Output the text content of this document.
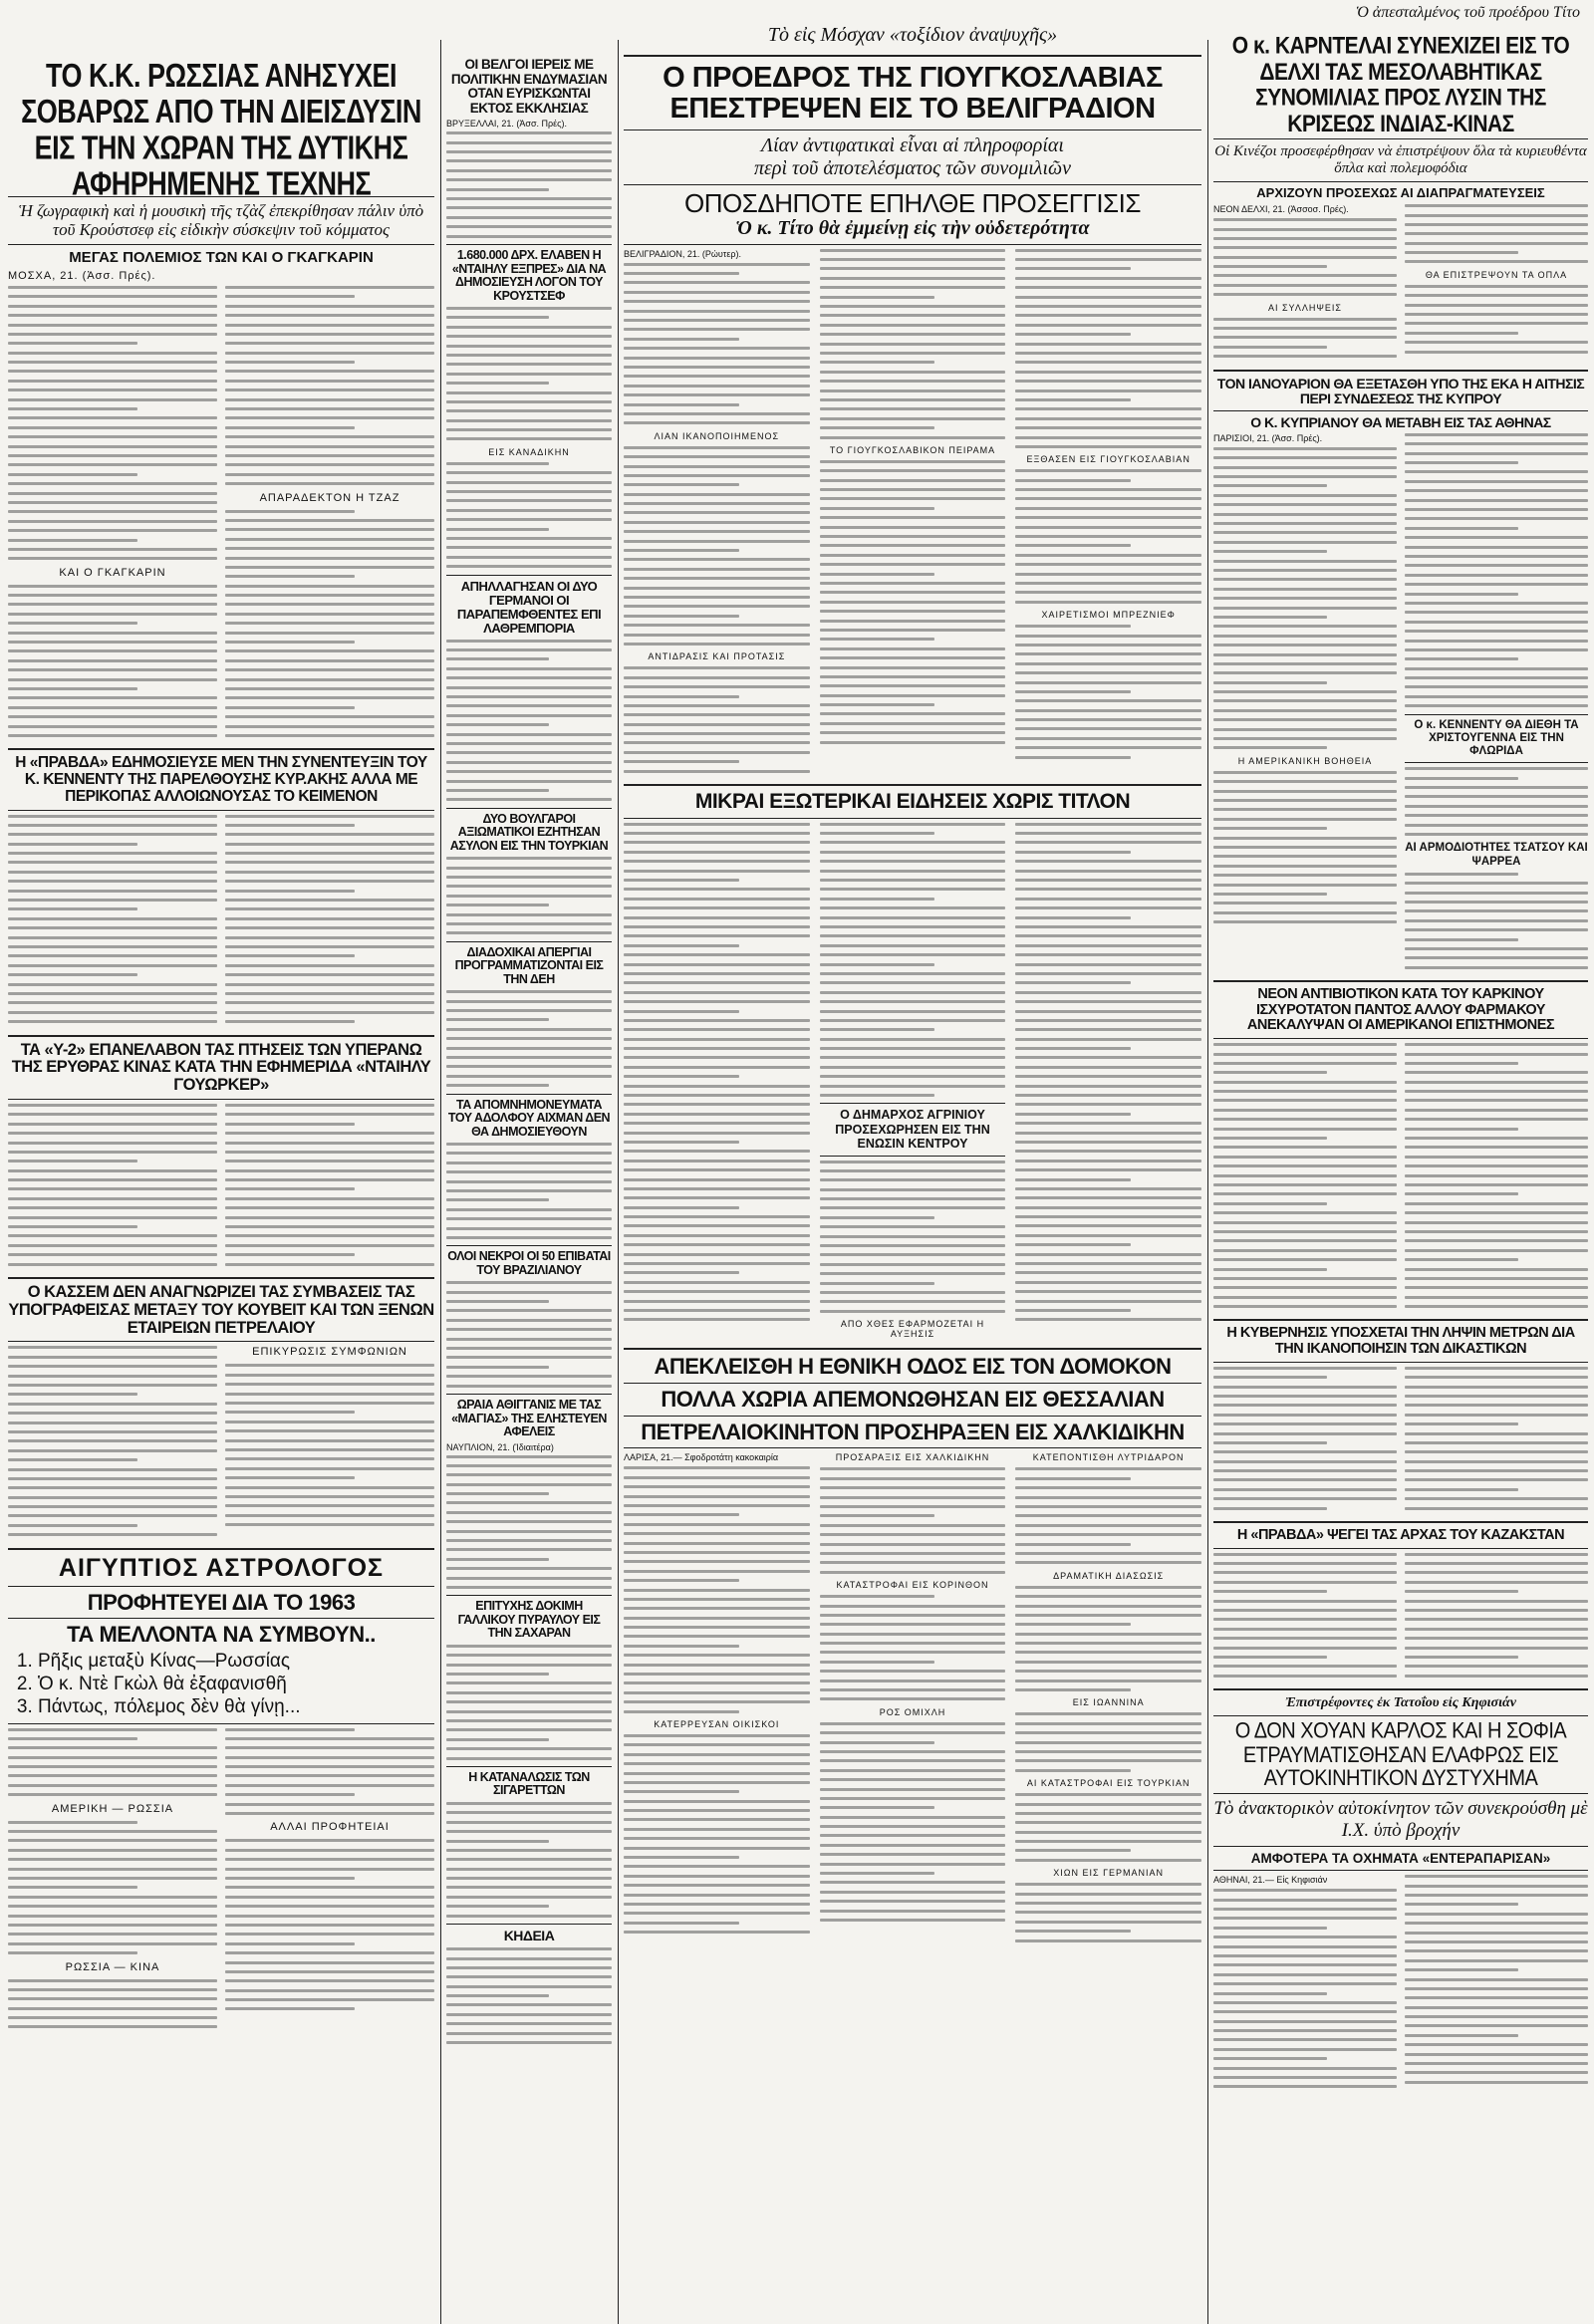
Ὁ ἀπεσταλμένος τοῦ προέδρου Τίτο
ΤΟ Κ.Κ. ΡΩΣΣΙΑΣ ΑΝΗΣΥΧΕΙ ΣΟΒΑΡΩΣ ΑΠΟ ΤΗΝ ΔΙΕΙΣΔΥΣΙΝ ΕΙΣ ΤΗΝ ΧΩΡΑΝ ΤΗΣ ΔΥΤΙΚΗΣ ΑΦΗΡΗΜΕΝΗΣ ΤΕΧΝΗΣ
Ἡ ζωγραφικὴ καὶ ἡ μουσικὴ τῆς τζὰζ ἐπεκρίθησαν πάλιν ὑπὸ τοῦ Κρούστσεφ εἰς εἰδικὴν σύσκεψιν τοῦ κόμματος
ΜΕΓΑΣ ΠΟΛΕΜΙΟΣ ΤΩΝ ΚΑΙ Ο ΓΚΑΓΚΑΡΙΝ
ΜΟΣΧΑ, 21. (Ἀσσ. Πρές).
ΚΑΙ Ο ΓΚΑΓΚΑΡΙΝ
ΑΠΑΡΑΔΕΚΤΟΝ Η ΤΖΑΖ
Η «ΠΡΑΒΔΑ» ΕΔΗΜΟΣΙΕΥΣΕ ΜΕΝ ΤΗΝ ΣΥΝΕΝΤΕΥΞΙΝ ΤΟΥ Κ. ΚΕΝΝΕΝΤΥ ΤΗΣ ΠΑΡΕΛΘΟΥΣΗΣ ΚΥΡ.ΑΚΗΣ ΑΛΛΑ ΜΕ ΠΕΡΙΚΟΠΑΣ ΑΛΛΟΙΩΝΟΥΣΑΣ ΤΟ ΚΕΙΜΕΝΟΝ
ΤΑ «Υ-2» ΕΠΑΝΕΛΑΒΟΝ ΤΑΣ ΠΤΗΣΕΙΣ ΤΩΝ ΥΠΕΡΑΝΩ ΤΗΣ ΕΡΥΘΡΑΣ ΚΙΝΑΣ ΚΑΤΑ ΤΗΝ ΕΦΗΜΕΡΙΔΑ «ΝΤΑΙΗΛΥ ΓΟΥΩΡΚΕΡ»
Ο ΚΑΣΣΕΜ ΔΕΝ ΑΝΑΓΝΩΡΙΖΕΙ ΤΑΣ ΣΥΜΒΑΣΕΙΣ ΤΑΣ ΥΠΟΓΡΑΦΕΙΣΑΣ ΜΕΤΑΞΥ ΤΟΥ ΚΟΥΒΕΙΤ ΚΑΙ ΤΩΝ ΞΕΝΩΝ ΕΤΑΙΡΕΙΩΝ ΠΕΤΡΕΛΑΙΟΥ
ΕΠΙΚΥΡΩΣΙΣ ΣΥΜΦΩΝΙΩΝ
ΑΙΓΥΠΤΙΟΣ ΑΣΤΡΟΛΟΓΟΣ
ΠΡΟΦΗΤΕΥΕΙ ΔΙΑ ΤΟ 1963
ΤΑ ΜΕΛΛΟΝΤΑ ΝΑ ΣΥΜΒΟΥΝ..
1. Ρῆξις μεταξὺ Κίνας—Ρωσσίας
2. Ὁ κ. Ντὲ Γκὼλ θὰ ἐξαφανισθῆ
3. Πάντως, πόλεμος δὲν θὰ γίνῃ...
ΑΜΕΡΙΚΗ — ΡΩΣΣΙΑ
ΡΩΣΣΙΑ — ΚΙΝΑ
ΑΛΛΑΙ ΠΡΟΦΗΤΕΙΑΙ
ΟΙ ΒΕΛΓΟΙ ΙΕΡΕΙΣ ΜΕ ΠΟΛΙΤΙΚΗΝ ΕΝΔΥΜΑΣΙΑΝ ΟΤΑΝ ΕΥΡΙΣΚΩΝΤΑΙ ΕΚΤΟΣ ΕΚΚΛΗΣΙΑΣ
ΒΡΥΞΕΛΛΑΙ, 21. (Ἀσσ. Πρές).
1.680.000 ΔΡΧ. ΕΛΑΒΕΝ Η «ΝΤΑΙΗΛΥ ΕΞΠΡΕΣ» ΔΙΑ ΝΑ ΔΗΜΟΣΙΕΥΣΗ ΛΟΓΟΝ ΤΟΥ ΚΡΟΥΣΤΣΕΦ
ΕΙΣ ΚΑΝΑΔΙΚΗΝ
ΑΠΗΛΛΑΓΗΣΑΝ ΟΙ ΔΥΟ ΓΕΡΜΑΝΟΙ ΟΙ ΠΑΡΑΠΕΜΦΘΕΝΤΕΣ ΕΠΙ ΛΑΘΡΕΜΠΟΡΙΑ
ΔΥΟ ΒΟΥΛΓΑΡΟΙ ΑΞΙΩΜΑΤΙΚΟΙ ΕΖΗΤΗΣΑΝ ΑΣΥΛΟΝ ΕΙΣ ΤΗΝ ΤΟΥΡΚΙΑΝ
ΔΙΑΔΟΧΙΚΑΙ ΑΠΕΡΓΙΑΙ ΠΡΟΓΡΑΜΜΑΤΙΖΟΝΤΑΙ ΕΙΣ ΤΗΝ ΔΕΗ
ΤΑ ΑΠΟΜΝΗΜΟΝΕΥΜΑΤΑ ΤΟΥ ΑΔΟΛΦΟΥ ΑΙΧΜΑΝ ΔΕΝ ΘΑ ΔΗΜΟΣΙΕΥΘΟΥΝ
ΟΛΟΙ ΝΕΚΡΟΙ ΟΙ 50 ΕΠΙΒΑΤΑΙ ΤΟΥ ΒΡΑΖΙΛΙΑΝΟΥ
ΩΡΑΙΑ ΑΘΙΓΓΑΝΙΣ ΜΕ ΤΑΣ «ΜΑΓΙΑΣ» ΤΗΣ ΕΛΗΣΤΕΥΕΝ ΑΦΕΛΕΙΣ
ΝΑΥΠΛΙΟΝ, 21. (Ἰδιαιτέρα)
ΕΠΙΤΥΧΗΣ ΔΟΚΙΜΗ ΓΑΛΛΙΚΟΥ ΠΥΡΑΥΛΟΥ ΕΙΣ ΤΗΝ ΣΑΧΑΡΑΝ
Η ΚΑΤΑΝΑΛΩΣΙΣ ΤΩΝ ΣΙΓΑΡΕΤΤΩΝ
ΚΗΔΕΙΑ
Τὸ εἰς Μόσχαν «τοξίδιον ἀναψυχῆς»
Ο ΠΡΟΕΔΡΟΣ ΤΗΣ ΓΙΟΥΓΚΟΣΛΑΒΙΑΣ
ΕΠΕΣΤΡΕΨΕΝ ΕΙΣ ΤΟ ΒΕΛΙΓΡΑΔΙΟΝ
Λίαν ἀντιφατικαὶ εἶναι αἱ πληροφορίαι
περὶ τοῦ ἀποτελέσματος τῶν συνομιλιῶν
ΟΠΟΣΔΗΠΟΤΕ ΕΠΗΛΘΕ ΠΡΟΣΕΓΓΙΣΙΣ
Ὁ κ. Τίτο θὰ ἐμμείνῃ εἰς τὴν οὐδετερότητα
ΒΕΛΙΓΡΑΔΙΟΝ, 21. (Ρώυτερ).
ΛΙΑΝ ΙΚΑΝΟΠΟΙΗΜΕΝΟΣ
ΑΝΤΙΔΡΑΣΙΣ ΚΑΙ ΠΡΟΤΑΣΙΣ
ΤΟ ΓΙΟΥΓΚΟΣΛΑΒΙΚΟΝ ΠΕΙΡΑΜΑ
ΕΞΘΑΣΕΝ ΕΙΣ ΓΙΟΥΓΚΟΣΛΑΒΙΑΝ
ΧΑΙΡΕΤΙΣΜΟΙ ΜΠΡΕΖΝΙΕΦ
ΜΙΚΡΑΙ ΕΞΩΤΕΡΙΚΑΙ ΕΙΔΗΣΕΙΣ ΧΩΡΙΣ ΤΙΤΛΟΝ
Ο ΔΗΜΑΡΧΟΣ ΑΓΡΙΝΙΟΥ ΠΡΟΣΕΧΩΡΗΣΕΝ ΕΙΣ ΤΗΝ ΕΝΩΣΙΝ ΚΕΝΤΡΟΥ
ΑΠΟ ΧΘΕΣ ΕΦΑΡΜΟΖΕΤΑΙ Η ΑΥΞΗΣΙΣ
ΑΠΕΚΛΕΙΣΘΗ Η ΕΘΝΙΚΗ ΟΔΟΣ ΕΙΣ ΤΟΝ ΔΟΜΟΚΟΝ
ΠΟΛΛΑ ΧΩΡΙΑ ΑΠΕΜΟΝΩΘΗΣΑΝ ΕΙΣ ΘΕΣΣΑΛΙΑΝ
ΠΕΤΡΕΛΑΙΟΚΙΝΗΤΟΝ ΠΡΟΣΗΡΑΞΕΝ ΕΙΣ ΧΑΛΚΙΔΙΚΗΝ
ΛΑΡΙΣΑ, 21.— Σφοδροτάτη κακοκαιρία
ΚΑΤΕΡΡΕΥΣΑΝ ΟΙΚΙΣΚΟΙ
ΠΡΟΣΑΡΑΞΙΣ ΕΙΣ ΧΑΛΚΙΔΙΚΗΝ
ΚΑΤΑΣΤΡΟΦΑΙ ΕΙΣ ΚΟΡΙΝΘΟΝ
ΡΟΣ ΟΜΙΧΛΗ
ΚΑΤΕΠΟΝΤΙΣΘΗ ΛΥΤΡΙΔΑΡΟΝ
ΔΡΑΜΑΤΙΚΗ ΔΙΑΣΩΣΙΣ
ΕΙΣ ΙΩΑΝΝΙΝΑ
ΑΙ ΚΑΤΑΣΤΡΟΦΑΙ ΕΙΣ ΤΟΥΡΚΙΑΝ
ΧΙΩΝ ΕΙΣ ΓΕΡΜΑΝΙΑΝ
Ο κ. ΚΑΡΝΤΕΛΑΙ ΣΥΝΕΧΙΖΕΙ ΕΙΣ ΤΟ ΔΕΛΧΙ ΤΑΣ ΜΕΣΟΛΑΒΗΤΙΚΑΣ ΣΥΝΟΜΙΛΙΑΣ ΠΡΟΣ ΛΥΣΙΝ ΤΗΣ ΚΡΙΣΕΩΣ ΙΝΔΙΑΣ-ΚΙΝΑΣ
Οἱ Κινέζοι προσεφέρθησαν νὰ ἐπιστρέψουν ὅλα τὰ κυριευθέντα ὅπλα καὶ πολεμοφόδια
ΑΡΧΙΖΟΥΝ ΠΡΟΣΕΧΩΣ ΑΙ ΔΙΑΠΡΑΓΜΑΤΕΥΣΕΙΣ
ΝΕΟΝ ΔΕΛΧΙ, 21. (Ἀσσοσ. Πρές).
ΑΙ ΣΥΛΛΗΨΕΙΣ
ΘΑ ΕΠΙΣΤΡΕΨΟΥΝ ΤΑ ΟΠΛΑ
ΤΟΝ ΙΑΝΟΥΑΡΙΟΝ ΘΑ ΕΞΕΤΑΣΘΗ ΥΠΟ ΤΗΣ ΕΚΑ Η ΑΙΤΗΣΙΣ ΠΕΡΙ ΣΥΝΔΕΣΕΩΣ ΤΗΣ ΚΥΠΡΟΥ
Ο Κ. ΚΥΠΡΙΑΝΟΥ ΘΑ ΜΕΤΑΒΗ ΕΙΣ ΤΑΣ ΑΘΗΝΑΣ
ΠΑΡΙΣΙΟΙ, 21. (Ἀσσ. Πρές).
Η ΑΜΕΡΙΚΑΝΙΚΗ ΒΟΗΘΕΙΑ
Ο κ. ΚΕΝΝΕΝΤΥ ΘΑ ΔΙΕΘΗ ΤΑ ΧΡΙΣΤΟΥΓΕΝΝΑ ΕΙΣ ΤΗΝ ΦΛΩΡΙΔΑ
ΑΙ ΑΡΜΟΔΙΟΤΗΤΕΣ ΤΣΑΤΣΟΥ ΚΑΙ ΨΑΡΡΕΑ
ΝΕΟΝ ΑΝΤΙΒΙΟΤΙΚΟΝ ΚΑΤΑ ΤΟΥ ΚΑΡΚΙΝΟΥ ΙΣΧΥΡΟΤΑΤΟΝ ΠΑΝΤΟΣ ΑΛΛΟΥ ΦΑΡΜΑΚΟΥ ΑΝΕΚΑΛΥΨΑΝ ΟΙ ΑΜΕΡΙΚΑΝΟΙ ΕΠΙΣΤΗΜΟΝΕΣ
Η ΚΥΒΕΡΝΗΣΙΣ ΥΠΟΣΧΕΤΑΙ ΤΗΝ ΛΗΨΙΝ ΜΕΤΡΩΝ ΔΙΑ ΤΗΝ ΙΚΑΝΟΠΟΙΗΣΙΝ ΤΩΝ ΔΙΚΑΣΤΙΚΩΝ
Η «ΠΡΑΒΔΑ» ΨΕΓΕΙ ΤΑΣ ΑΡΧΑΣ ΤΟΥ ΚΑΖΑΚΣΤΑΝ
Ἐπιστρέφοντες ἐκ Τατοΐου εἰς Κηφισιάν
Ο ΔΟΝ ΧΟΥΑΝ ΚΑΡΛΟΣ ΚΑΙ Η ΣΟΦΙΑ ΕΤΡΑΥΜΑΤΙΣΘΗΣΑΝ ΕΛΑΦΡΩΣ ΕΙΣ ΑΥΤΟΚΙΝΗΤΙΚΟΝ ΔΥΣΤΥΧΗΜΑ
Τὸ ἀνακτορικὸν αὐτοκίνητον τῶν συνεκρούσθη μὲ Ι.Χ. ὑπὸ βροχήν
ΑΜΦΟΤΕΡΑ ΤΑ ΟΧΗΜΑΤΑ «ΕΝΤΕΡΑΠΑΡΙΣΑΝ»
ΑΘΗΝΑΙ, 21.— Εἰς Κηφισιάν
